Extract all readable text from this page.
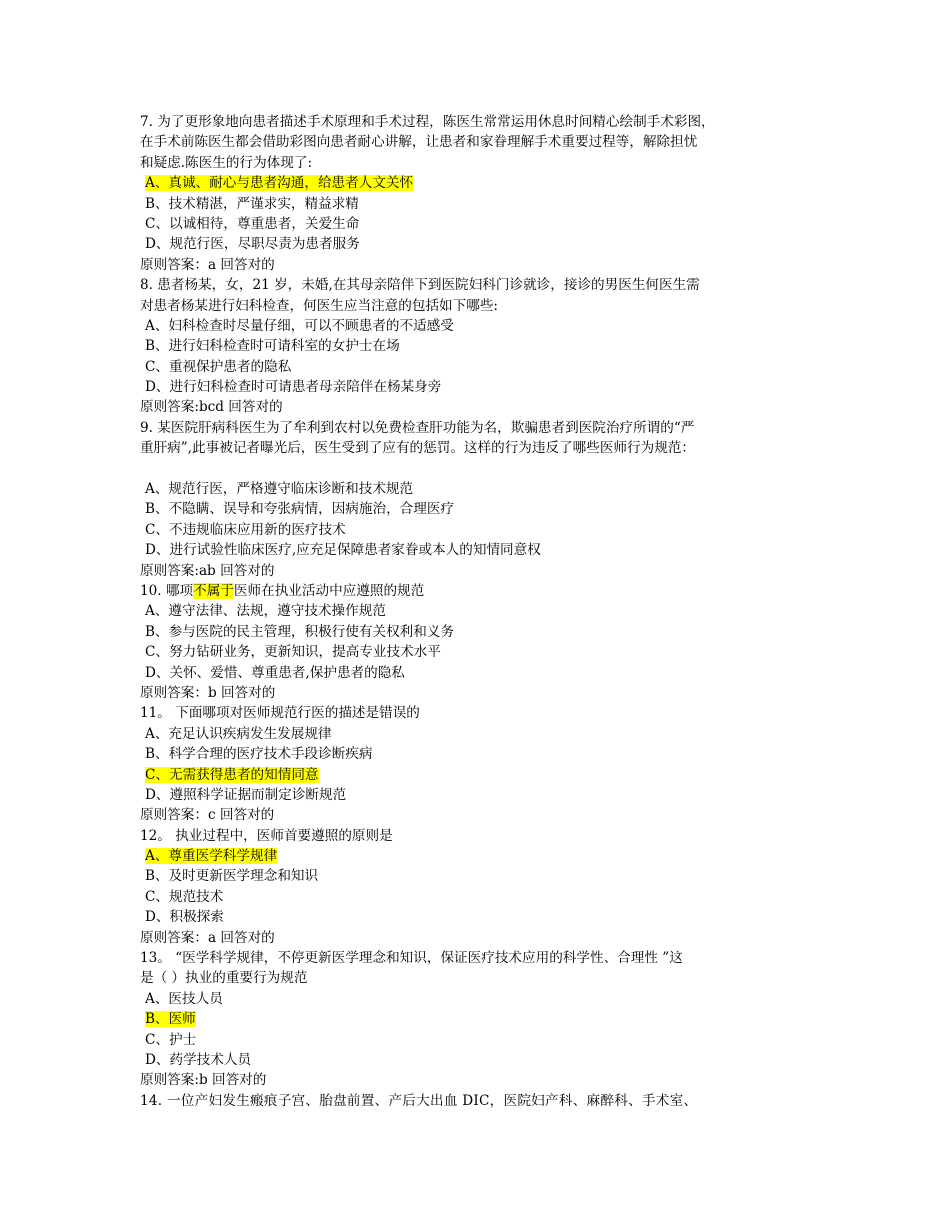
7. 为了更形象地向患者描述手术原理和手术过程，陈医生常常运用休息时间精心绘制手术彩图，
在手术前陈医生都会借助彩图向患者耐心讲解，让患者和家眷理解手术重要过程等，解除担忧
和疑虑.陈医生的行为体现了:
A、真诚、耐心与患者沟通，给患者人文关怀
B、技术精湛，严谨求实，精益求精
C、以诚相待，尊重患者，关爱生命
D、规范行医，尽职尽责为患者服务
原则答案：a 回答对的
8. 患者杨某，女，21 岁，未婚,在其母亲陪伴下到医院妇科门诊就诊，接诊的男医生何医生需
对患者杨某进行妇科检查，何医生应当注意的包括如下哪些:
A、妇科检查时尽量仔细，可以不顾患者的不适感受
B、进行妇科检查时可请科室的女护士在场
C、重视保护患者的隐私
D、进行妇科检查时可请患者母亲陪伴在杨某身旁
原则答案:bcd 回答对的
9. 某医院肝病科医生为了牟利到农村以免费检查肝功能为名，欺骗患者到医院治疗所谓的“严
重肝病”,此事被记者曝光后，医生受到了应有的惩罚。这样的行为违反了哪些医师行为规范：
A、规范行医，严格遵守临床诊断和技术规范
B、不隐瞒、误导和夸张病情，因病施治，合理医疗
C、不违规临床应用新的医疗技术
D、进行试验性临床医疗,应充足保障患者家眷或本人的知情同意权
原则答案:ab 回答对的
10. 哪项不属于医师在执业活动中应遵照的规范
A、遵守法律、法规，遵守技术操作规范
B、参与医院的民主管理，积极行使有关权利和义务
C、努力钻研业务，更新知识，提高专业技术水平
D、关怀、爱惜、尊重患者,保护患者的隐私
原则答案：b 回答对的
11。 下面哪项对医师规范行医的描述是错误的
A、充足认识疾病发生发展规律
B、科学合理的医疗技术手段诊断疾病
C、无需获得患者的知情同意
D、遵照科学证据而制定诊断规范
原则答案：c 回答对的
12。 执业过程中，医师首要遵照的原则是
A、尊重医学科学规律
B、及时更新医学理念和知识
C、规范技术
D、积极探索
原则答案：a 回答对的
13。 “医学科学规律，不停更新医学理念和知识，保证医疗技术应用的科学性、合理性 ”这
是（ ）执业的重要行为规范
A、医技人员
B、医师
C、护士
D、药学技术人员
原则答案:b 回答对的
14. 一位产妇发生瘢痕子宫、胎盘前置、产后大出血 DIC，医院妇产科、麻醉科、手术室、
